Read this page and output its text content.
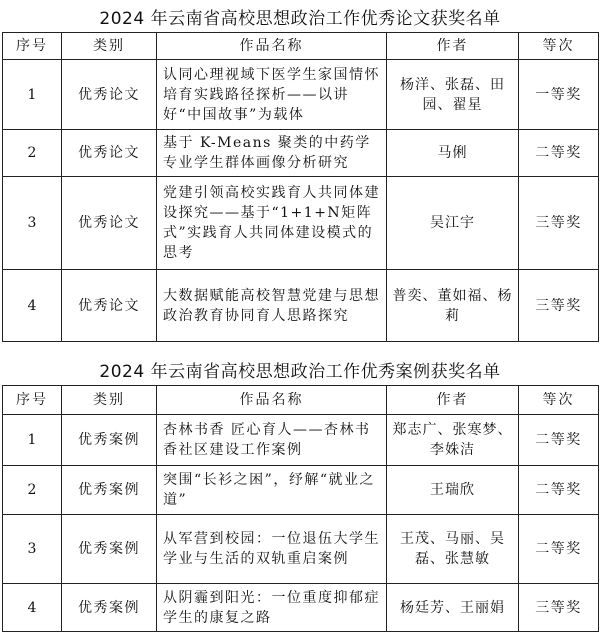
2024 年云南省高校思想政治工作优秀论文获奖名单
序号	类别	作品名称	作者	等次
1	优秀论文	认同心理视域下医学生家国情怀培育实践路径探析——以讲好“中国故事”为载体	杨洋、张磊、田园、翟星	一等奖
2	优秀论文	基于 K-Means 聚类的中药学专业学生群体画像分析研究	马俐	二等奖
3	优秀论文	党建引领高校实践育人共同体建设探究——基于“1+1+N矩阵式”实践育人共同体建设模式的思考	吴江宇	三等奖
4	优秀论文	大数据赋能高校智慧党建与思想政治教育协同育人思路探究	普奕、董如福、杨莉	三等奖
2024 年云南省高校思想政治工作优秀案例获奖名单
序号	类别	作品名称	作者	等次
1	优秀案例	杏林书香 匠心育人——杏林书香社区建设工作案例	郑志广、张寒梦、李姝洁	二等奖
2	优秀案例	突围“长衫之困”，纾解“就业之道”	王瑞欣	二等奖
3	优秀案例	从军营到校园：一位退伍大学生学业与生活的双轨重启案例	王茂、马丽、吴磊、张慧敏	二等奖
4	优秀案例	从阴霾到阳光：一位重度抑郁症学生的康复之路	杨廷芳、王丽娟	三等奖
